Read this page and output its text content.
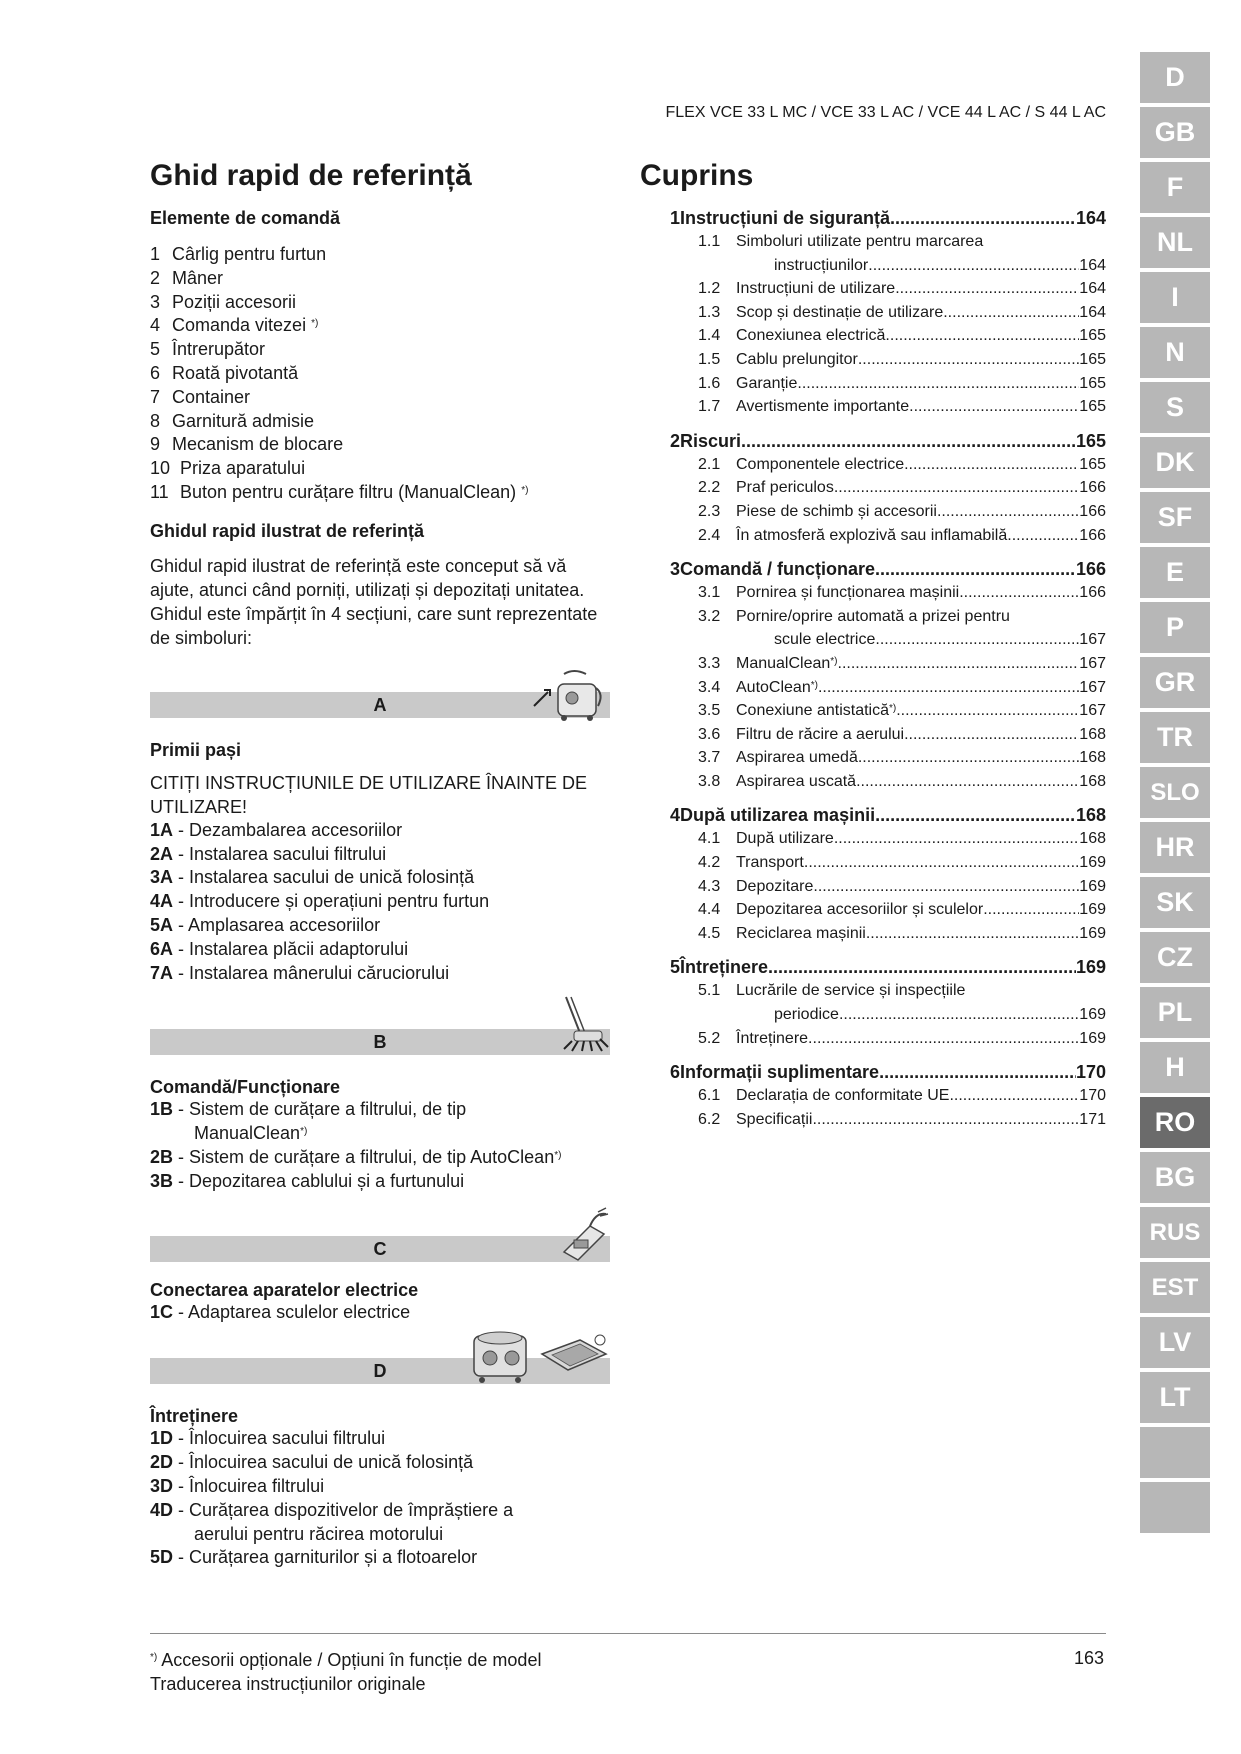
FLEX VCE 33 L MC / VCE 33 L AC / VCE 44 L AC / S 44 L AC
Ghid rapid de referință
Elemente de comandă
1 Cârlig pentru furtun
2 Mâner
3 Poziții accesorii
4 Comanda vitezei *)
5 Întrerupător
6 Roată pivotantă
7 Container
8 Garnitură admisie
9 Mecanism de blocare
10 Priza aparatului
11 Buton pentru curățare filtru (ManualClean) *)
Ghidul rapid ilustrat de referință

Ghidul rapid ilustrat de referință este conceput să vă ajute, atunci când porniți, utilizați și depozitați unitatea. Ghidul este împărțit în 4 secțiuni, care sunt reprezentate de simboluri:

A
Primii pași

CITIȚI INSTRUCȚIUNILE DE UTILIZARE ÎNAINTE DE UTILIZARE!

1A - Dezambalarea accesoriilor
2A - Instalarea sacului filtrului
3A - Instalarea sacului de unică folosință
4A - Introducere și operațiuni pentru furtun
5A - Amplasarea accesoriilor
6A - Instalarea plăcii adaptorului
7A - Instalarea mânerului căruciorului
B
Comandă/Funcționare
1B - Sistem de curățare a filtrului, de tip
ManualClean*)
2B - Sistem de curățare a filtrului, de tip AutoClean*)
3B - Depozitarea cablului și a furtunului
C
Conectarea aparatelor electrice
1C - Adaptarea sculelor electrice
D
Întreținere
1D - Înlocuirea sacului filtrului
2D - Înlocuirea sacului de unică folosință
3D - Înlocuirea filtrului
4D - Curățarea dispozitivelor de împrăștiere a
aerului pentru răcirea motorului
5D - Curățarea garniturilor și a flotoarelor
Cuprins
1 Instrucțiuni de siguranță .....	164
1.1 Simboluri utilizate pentru marcarea
instrucțiunilor .....	164
1.2 Instrucțiuni de utilizare .....	164
1.3 Scop și destinație de utilizare .....	164
1.4 Conexiunea electrică .....	165
1.5 Cablu prelungitor .....	165
1.6 Garanție .....	165
1.7 Avertismente importante .....	165
2 Riscuri .....	165
2.1 Componentele electrice .....	165
2.2 Praf periculos .....	166
2.3 Piese de schimb și accesorii .....	166
2.4 În atmosferă explozivă sau inflamabilă .....	166
3 Comandă / funcționare .....	166
3.1 Pornirea și funcționarea mașinii .....	166
3.2 Pornire/oprire automată a prizei pentru
scule electrice .....	167
3.3 ManualClean*) .....	167
3.4 AutoClean*) .....	167
3.5 Conexiune antistatică*) .....	167
3.6 Filtru de răcire a aerului .....	168
3.7 Aspirarea umedă .....	168
3.8 Aspirarea uscată .....	168
4 După utilizarea mașinii .....	168
4.1 După utilizare .....	168
4.2 Transport .....	169
4.3 Depozitare .....	169
4.4 Depozitarea accesoriilor și sculelor .....	169
4.5 Reciclarea mașinii .....	169
5 Întreținere .....	169
5.1 Lucrările de service și inspecțiile
periodice .....	169
5.2 Întreținere .....	169
6 Informații suplimentare .....	170
6.1 Declarația de conformitate UE .....	170
6.2 Specificații .....	171
D
GB
F
NL
I
N
S
DK
SF
E
P
GR
TR
SLO
HR
SK
CZ
PL
H
RO
BG
RUS
EST
LV
LT
*) Accesorii opționale / Opțiuni în funcție de model
Traducerea instrucțiunilor originale
163
